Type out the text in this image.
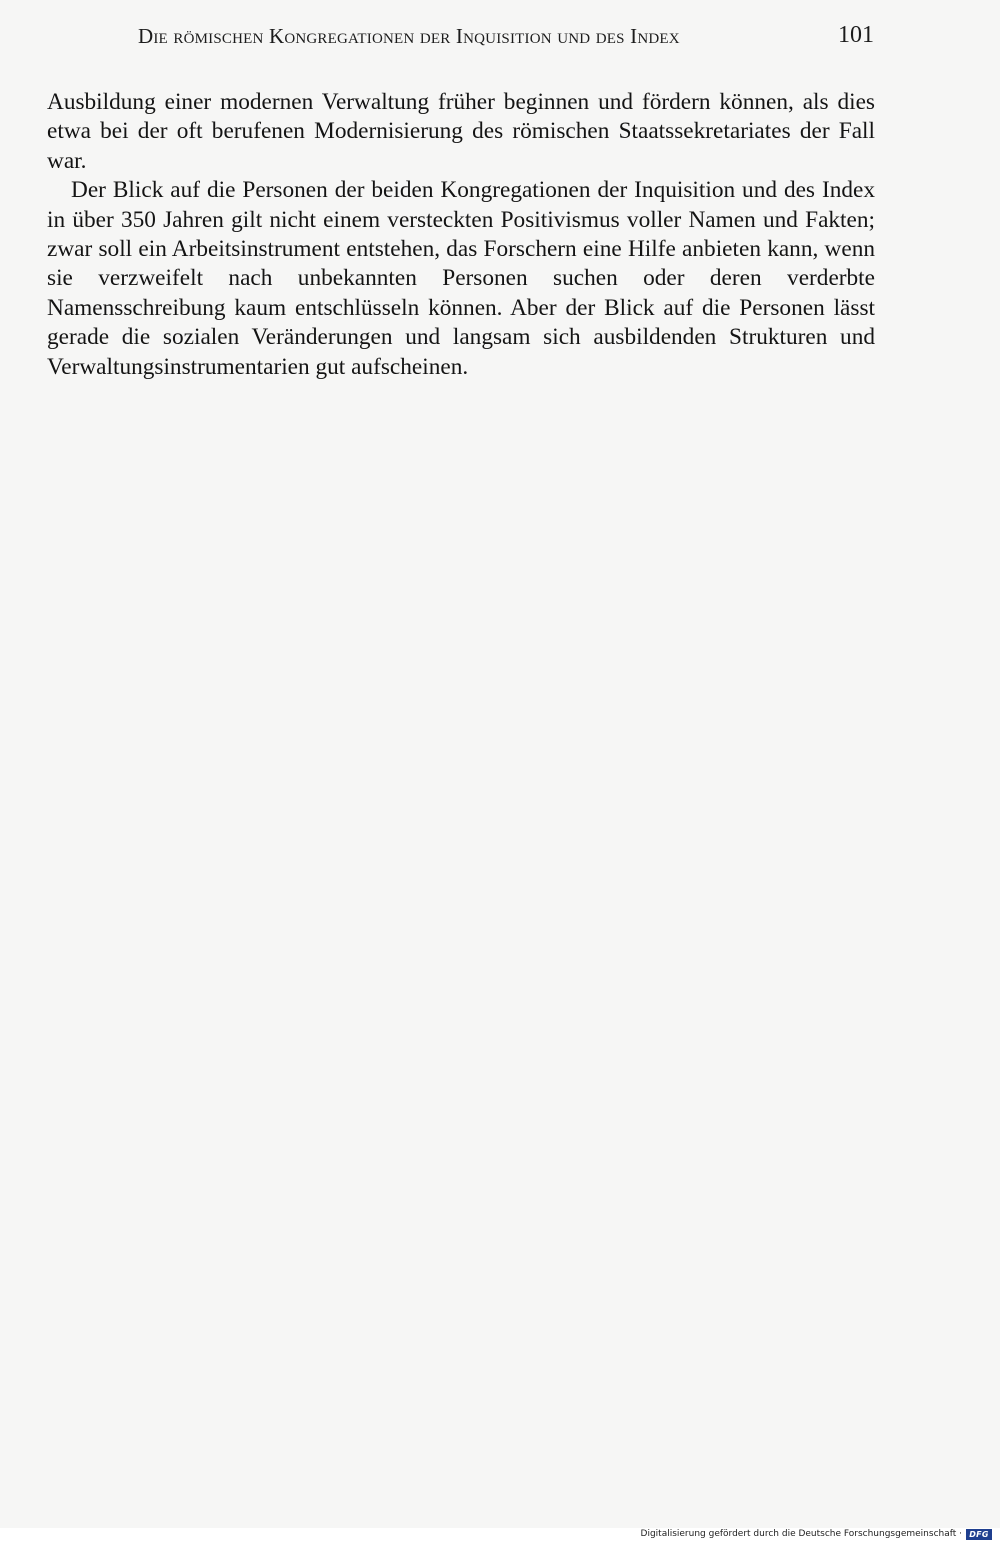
Die römischen Kongregationen der Inquisition und des Index	101

Ausbildung einer modernen Verwaltung früher beginnen und fördern können, als dies etwa bei der oft berufenen Modernisierung des römischen Staatssekretariates der Fall war.

Der Blick auf die Personen der beiden Kongregationen der Inquisition und des Index in über 350 Jahren gilt nicht einem versteckten Positivismus voller Namen und Fakten; zwar soll ein Arbeitsinstrument entstehen, das Forschern eine Hilfe anbieten kann, wenn sie verzweifelt nach unbekannten Personen suchen oder deren verderbte Namensschreibung kaum entschlüsseln können. Aber der Blick auf die Personen lässt gerade die sozialen Veränderungen und langsam sich ausbildenden Strukturen und Verwaltungsinstrumentarien gut aufscheinen.

Digitalisierung gefördert durch die Deutsche Forschungsgemeinschaft · DFG
